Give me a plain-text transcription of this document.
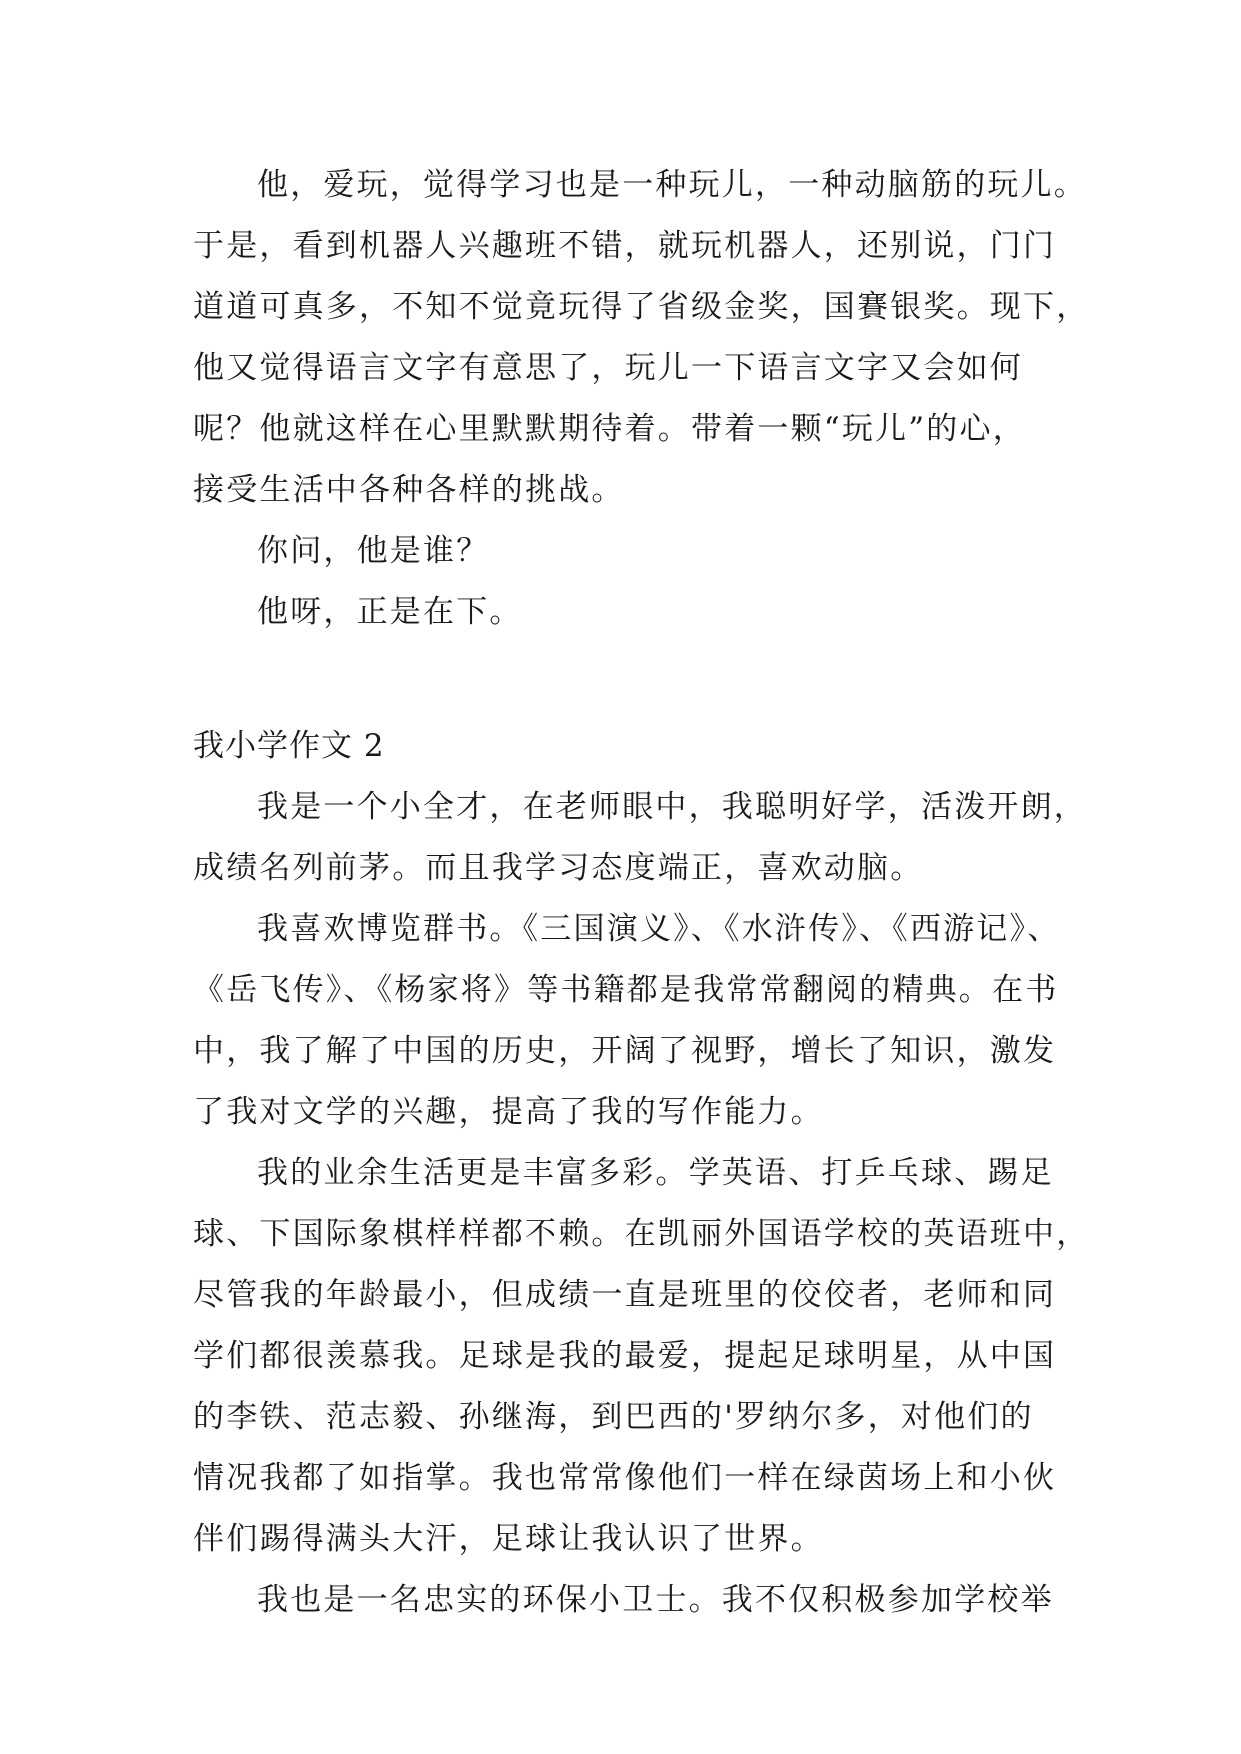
他，爱玩，觉得学习也是一种玩儿，一种动脑筋的玩儿。
于是，看到机器人兴趣班不错，就玩机器人，还别说，门门
道道可真多，不知不觉竟玩得了省级金奖，国賽银奖。现下，
他又觉得语言文字有意思了，玩儿一下语言文字又会如何
呢？他就这样在心里默默期待着。带着一颗“玩儿”的心，
接受生活中各种各样的挑战。
你问，他是谁？
他呀，正是在下。
我小学作文 2
我是一个小全才，在老师眼中，我聪明好学，活泼开朗，
成绩名列前茅。而且我学习态度端正，喜欢动脑。
我喜欢博览群书。《三国演义》、《水浒传》、《西游记》、
《岳飞传》、《杨家将》等书籍都是我常常翻阅的精典。在书
中，我了解了中国的历史，开阔了视野，增长了知识，激发
了我对文学的兴趣，提高了我的写作能力。
我的业余生活更是丰富多彩。学英语、打乒乓球、踢足
球、下国际象棋样样都不赖。在凯丽外国语学校的英语班中，
尽管我的年龄最小，但成绩一直是班里的佼佼者，老师和同
学们都很羡慕我。足球是我的最爱，提起足球明星，从中国
的李铁、范志毅、孙继海，到巴西的'罗纳尔多，对他们的
情况我都了如指掌。我也常常像他们一样在绿茵场上和小伙
伴们踢得满头大汗，足球让我认识了世界。
我也是一名忠实的环保小卫士。我不仅积极参加学校举
